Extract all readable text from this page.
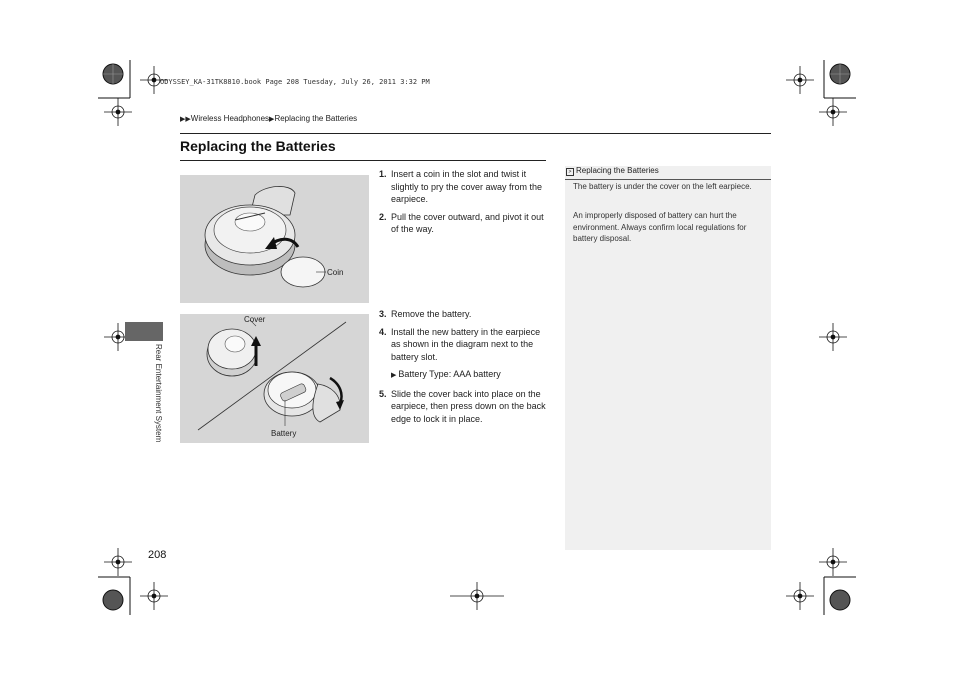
ODYSSEY_KA-31TK8810.book Page 208 Tuesday, July 26, 2011 3:32 PM
▶▶Wireless Headphones▶Replacing the Batteries
Replacing the Batteries
Coin
Cover
Battery
1. Insert a coin in the slot and twist it slightly to pry the cover away from the earpiece.
2. Pull the cover outward, and pivot it out of the way.
3. Remove the battery.
4. Install the new battery in the earpiece as shown in the diagram next to the battery slot.
▶ Battery Type: AAA battery
5. Slide the cover back into place on the earpiece, then press down on the back edge to lock it in place.
> Replacing the Batteries
The battery is under the cover on the left earpiece.
An improperly disposed of battery can hurt the environment. Always confirm local regulations for battery disposal.
Rear Entertainment System
208
